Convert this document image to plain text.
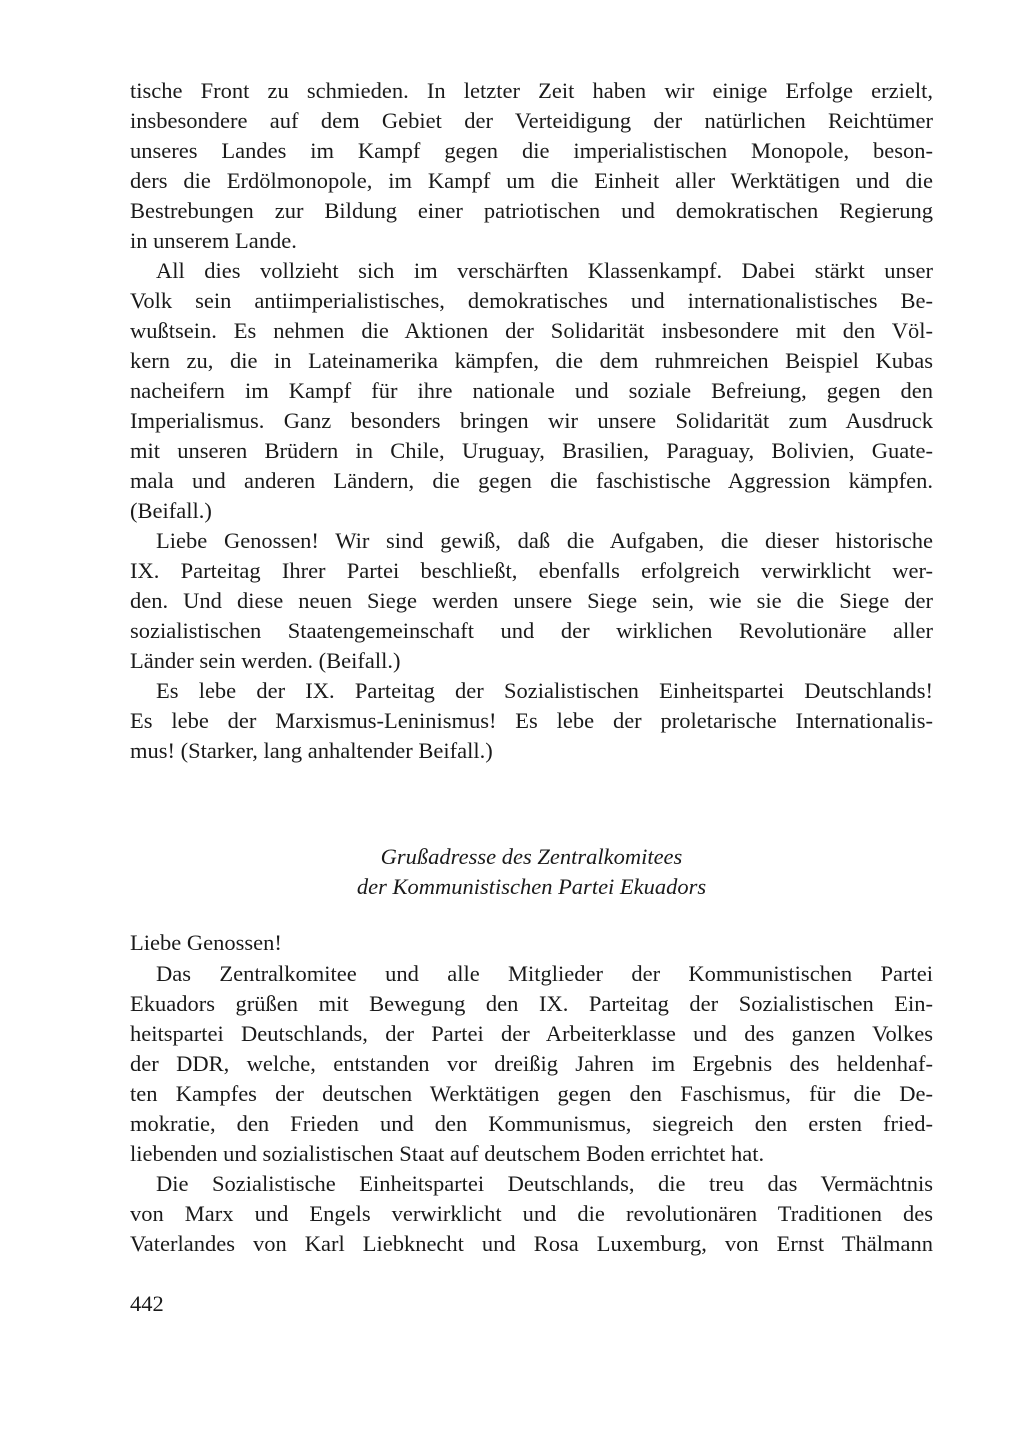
tische Front zu schmieden. In letzter Zeit haben wir einige Erfolge erzielt,
insbesondere auf dem Gebiet der Verteidigung der natürlichen Reichtümer
unseres Landes im Kampf gegen die imperialistischen Monopole, beson-
ders die Erdölmonopole, im Kampf um die Einheit aller Werktätigen und die
Bestrebungen zur Bildung einer patriotischen und demokratischen Regierung
in unserem Lande.
All dies vollzieht sich im verschärften Klassenkampf. Dabei stärkt unser
Volk sein antiimperialistisches, demokratisches und internationalistisches Be-
wußtsein. Es nehmen die Aktionen der Solidarität insbesondere mit den Völ-
kern zu, die in Lateinamerika kämpfen, die dem ruhmreichen Beispiel Kubas
nacheifern im Kampf für ihre nationale und soziale Befreiung, gegen den
Imperialismus. Ganz besonders bringen wir unsere Solidarität zum Ausdruck
mit unseren Brüdern in Chile, Uruguay, Brasilien, Paraguay, Bolivien, Guate-
mala und anderen Ländern, die gegen die faschistische Aggression kämpfen.
(Beifall.)
Liebe Genossen! Wir sind gewiß, daß die Aufgaben, die dieser historische
IX. Parteitag Ihrer Partei beschließt, ebenfalls erfolgreich verwirklicht wer-
den. Und diese neuen Siege werden unsere Siege sein, wie sie die Siege der
sozialistischen Staatengemeinschaft und der wirklichen Revolutionäre aller
Länder sein werden. (Beifall.)
Es lebe der IX. Parteitag der Sozialistischen Einheitspartei Deutschlands!
Es lebe der Marxismus-Leninismus! Es lebe der proletarische Internationalis-
mus! (Starker, lang anhaltender Beifall.)
Grußadresse des Zentralkomitees
der Kommunistischen Partei Ekuadors
Liebe Genossen!
Das Zentralkomitee und alle Mitglieder der Kommunistischen Partei
Ekuadors grüßen mit Bewegung den IX. Parteitag der Sozialistischen Ein-
heitspartei Deutschlands, der Partei der Arbeiterklasse und des ganzen Volkes
der DDR, welche, entstanden vor dreißig Jahren im Ergebnis des heldenhaf-
ten Kampfes der deutschen Werktätigen gegen den Faschismus, für die De-
mokratie, den Frieden und den Kommunismus, siegreich den ersten fried-
liebenden und sozialistischen Staat auf deutschem Boden errichtet hat.
Die Sozialistische Einheitspartei Deutschlands, die treu das Vermächtnis
von Marx und Engels verwirklicht und die revolutionären Traditionen des
Vaterlandes von Karl Liebknecht und Rosa Luxemburg, von Ernst Thälmann
442
